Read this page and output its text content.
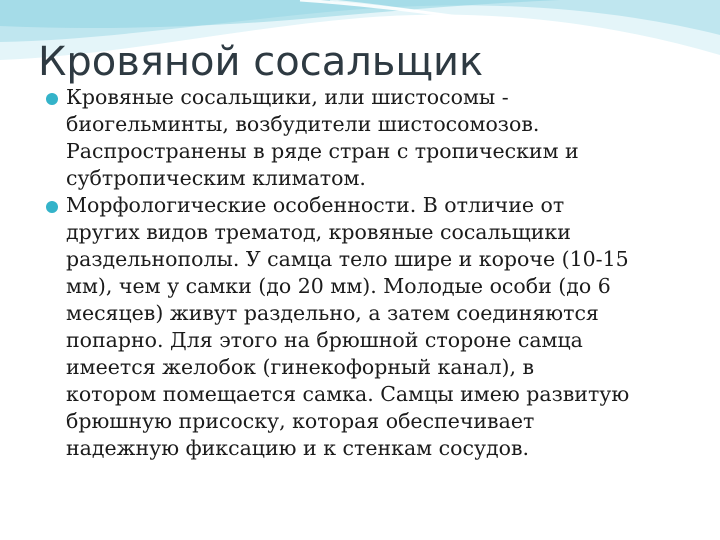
Кровяной сосальщик
Кровяные сосальщики, или шистосомы -
биогельминты, возбудители шистосомозов.
Распространены в ряде стран с тропическим и
субтропическим климатом.
Морфологические особенности. В отличие от
других видов трематод, кровяные сосальщики
раздельнополы. У самца тело шире и короче (10-15
мм), чем у самки (до 20 мм). Молодые особи (до 6
месяцев) живут раздельно, а затем соединяются
попарно. Для этого на брюшной стороне самца
имеется желобок (гинекофорный канал), в
котором помещается самка. Самцы имею развитую
брюшную присоску, которая обеспечивает
надежную фиксацию и к стенкам сосудов.
